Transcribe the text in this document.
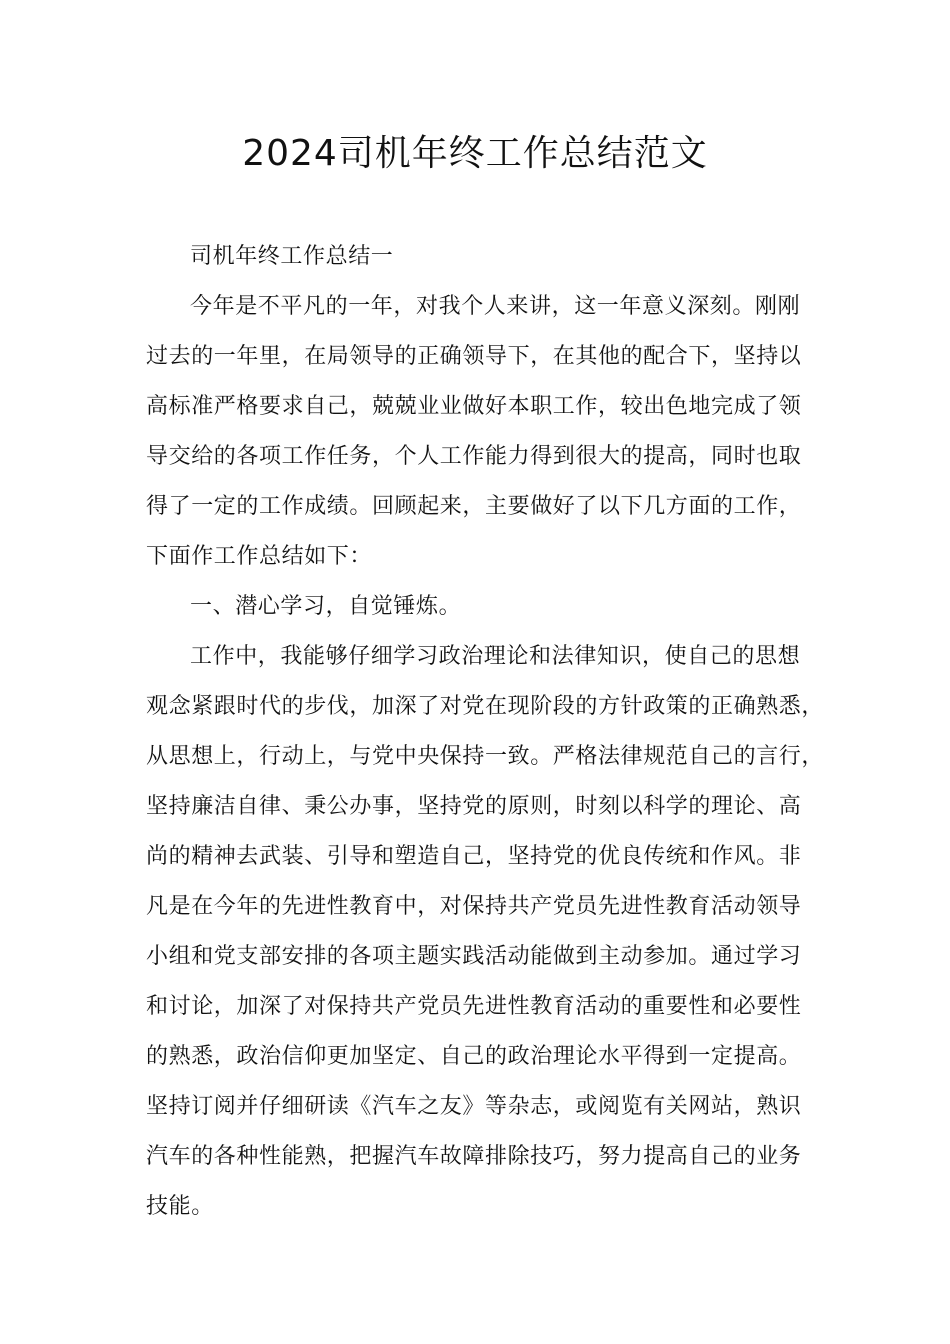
2024司机年终工作总结范文
司机年终工作总结一
今年是不平凡的一年，对我个人来讲，这一年意义深刻。刚刚
过去的一年里，在局领导的正确领导下，在其他的配合下，坚持以
高标准严格要求自己，兢兢业业做好本职工作，较出色地完成了领
导交给的各项工作任务，个人工作能力得到很大的提高，同时也取
得了一定的工作成绩。回顾起来，主要做好了以下几方面的工作，
下面作工作总结如下：
一、潜心学习，自觉锤炼。
工作中，我能够仔细学习政治理论和法律知识，使自己的思想
观念紧跟时代的步伐，加深了对党在现阶段的方针政策的正确熟悉，
从思想上，行动上，与党中央保持一致。严格法律规范自己的言行，
坚持廉洁自律、秉公办事，坚持党的原则，时刻以科学的理论、高
尚的精神去武装、引导和塑造自己，坚持党的优良传统和作风。非
凡是在今年的先进性教育中，对保持共产党员先进性教育活动领导
小组和党支部安排的各项主题实践活动能做到主动参加。通过学习
和讨论，加深了对保持共产党员先进性教育活动的重要性和必要性
的熟悉，政治信仰更加坚定、自己的政治理论水平得到一定提高。
坚持订阅并仔细研读《汽车之友》等杂志，或阅览有关网站，熟识
汽车的各种性能熟，把握汽车故障排除技巧，努力提高自己的业务
技能。
